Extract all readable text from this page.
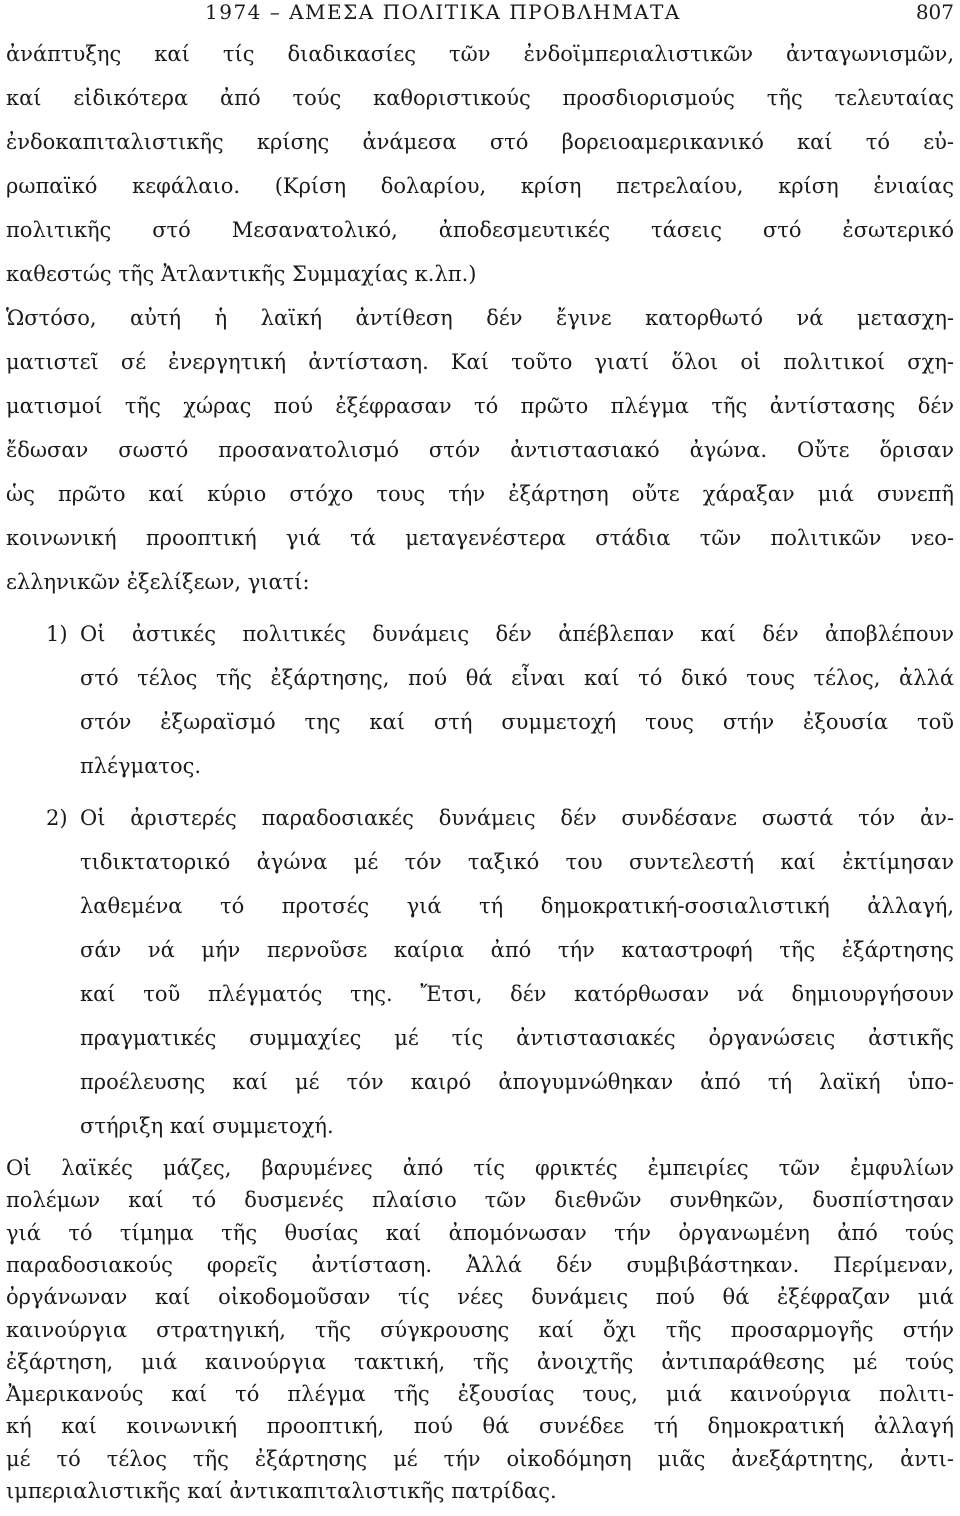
1974 – ΑΜΕΣΑ ΠΟΛΙΤΙΚΑ ΠΡΟΒΛΗΜΑΤΑ	807
ἀνάπτυξης καί τίς διαδικασίες τῶν ἐνδοϊμπεριαλιστικῶν ἀνταγωνισμῶν,
καί εἰδικότερα ἀπό τούς καθοριστικούς προσδιορισμούς τῆς τελευταίας
ἐνδοκαπιταλιστικῆς κρίσης ἀνάμεσα στό βορειοαμερικανικό καί τό εὐ-
ρωπαϊκό κεφάλαιο. (Κρίση δολαρίου, κρίση πετρελαίου, κρίση ἑνιαίας
πολιτικῆς στό Μεσανατολικό, ἀποδεσμευτικές τάσεις στό ἐσωτερικό
καθεστώς τῆς Ἀτλαντικῆς Συμμαχίας κ.λπ.)
Ὡστόσο, αὐτή ἡ λαϊκή ἀντίθεση δέν ἔγινε κατορθωτό νά μετασχη-
ματιστεῖ σέ ἐνεργητική ἀντίσταση. Καί τοῦτο γιατί ὅλοι οἱ πολιτικοί σχη-
ματισμοί τῆς χώρας πού ἐξέφρασαν τό πρῶτο πλέγμα τῆς ἀντίστασης δέν
ἔδωσαν σωστό προσανατολισμό στόν ἀντιστασιακό ἀγώνα. Οὔτε ὅρισαν
ὡς πρῶτο καί κύριο στόχο τους τήν ἐξάρτηση οὔτε χάραξαν μιά συνεπῆ
κοινωνική προοπτική γιά τά μεταγενέστερα στάδια τῶν πολιτικῶν νεο-
ελληνικῶν ἐξελίξεων, γιατί:
1) Οἱ ἀστικές πολιτικές δυνάμεις δέν ἀπέβλεπαν καί δέν ἀποβλέπουν
στό τέλος τῆς ἐξάρτησης, πού θά εἶναι καί τό δικό τους τέλος, ἀλλά
στόν ἐξωραϊσμό της καί στή συμμετοχή τους στήν ἐξουσία τοῦ
πλέγματος.
2) Οἱ ἀριστερές παραδοσιακές δυνάμεις δέν συνδέσανε σωστά τόν ἀν-
τιδικτατορικό ἀγώνα μέ τόν ταξικό του συντελεστή καί ἐκτίμησαν
λαθεμένα τό προτσές γιά τή δημοκρατική-σοσιαλιστική ἀλλαγή,
σάν νά μήν περνοῦσε καίρια ἀπό τήν καταστροφή τῆς ἐξάρτησης
καί τοῦ πλέγματός της. Ἔτσι, δέν κατόρθωσαν νά δημιουργήσουν
πραγματικές συμμαχίες μέ τίς ἀντιστασιακές ὀργανώσεις ἀστικῆς
προέλευσης καί μέ τόν καιρό ἀπογυμνώθηκαν ἀπό τή λαϊκή ὑπο-
στήριξη καί συμμετοχή.
Οἱ λαϊκές μάζες, βαρυμένες ἀπό τίς φρικτές ἐμπειρίες τῶν ἐμφυλίων
πολέμων καί τό δυσμενές πλαίσιο τῶν διεθνῶν συνθηκῶν, δυσπίστησαν
γιά τό τίμημα τῆς θυσίας καί ἀπομόνωσαν τήν ὀργανωμένη ἀπό τούς
παραδοσιακούς φορεῖς ἀντίσταση. Ἀλλά δέν συμβιβάστηκαν. Περίμεναν,
ὀργάνωναν καί οἰκοδομοῦσαν τίς νέες δυνάμεις πού θά ἐξέφραζαν μιά
καινούργια στρατηγική, τῆς σύγκρουσης καί ὄχι τῆς προσαρμογῆς στήν
ἐξάρτηση, μιά καινούργια τακτική, τῆς ἀνοιχτῆς ἀντιπαράθεσης μέ τούς
Ἀμερικανούς καί τό πλέγμα τῆς ἐξουσίας τους, μιά καινούργια πολιτι-
κή καί κοινωνική προοπτική, πού θά συνέδεε τή δημοκρατική ἀλλαγή
μέ τό τέλος τῆς ἐξάρτησης μέ τήν οἰκοδόμηση μιᾶς ἀνεξάρτητης, ἀντι-
ιμπεριαλιστικῆς καί ἀντικαπιταλιστικῆς πατρίδας.
